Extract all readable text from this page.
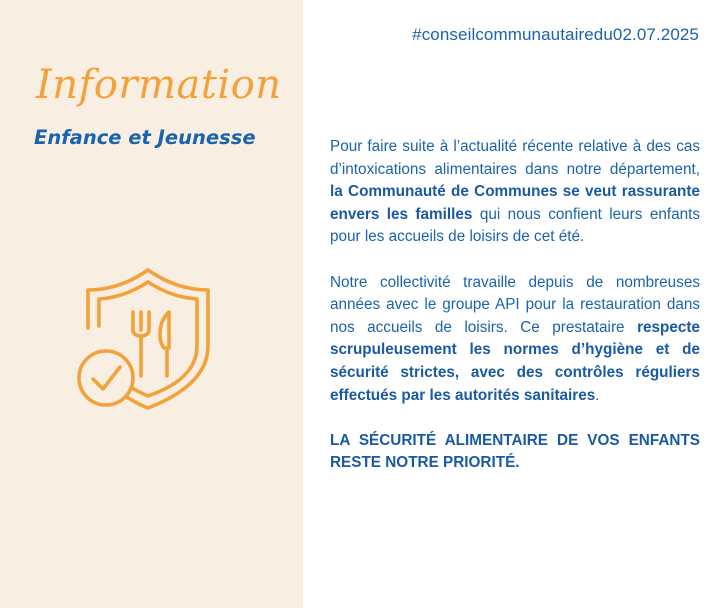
Information
Enfance et Jeunesse
#conseilcommunautairedu02.07.2025

Pour faire suite à l’actualité récente relative à des cas d’intoxications alimentaires dans notre département, la Communauté de Communes se veut rassurante envers les familles qui nous confient leurs enfants pour les accueils de loisirs de cet été.

Notre collectivité travaille depuis de nombreuses années avec le groupe API pour la restauration dans nos accueils de loisirs. Ce prestataire respecte scrupuleusement les normes d’hygiène et de sécurité strictes, avec des contrôles réguliers effectués par les autorités sanitaires.

LA SÉCURITÉ ALIMENTAIRE DE VOS ENFANTS RESTE NOTRE PRIORITÉ.
